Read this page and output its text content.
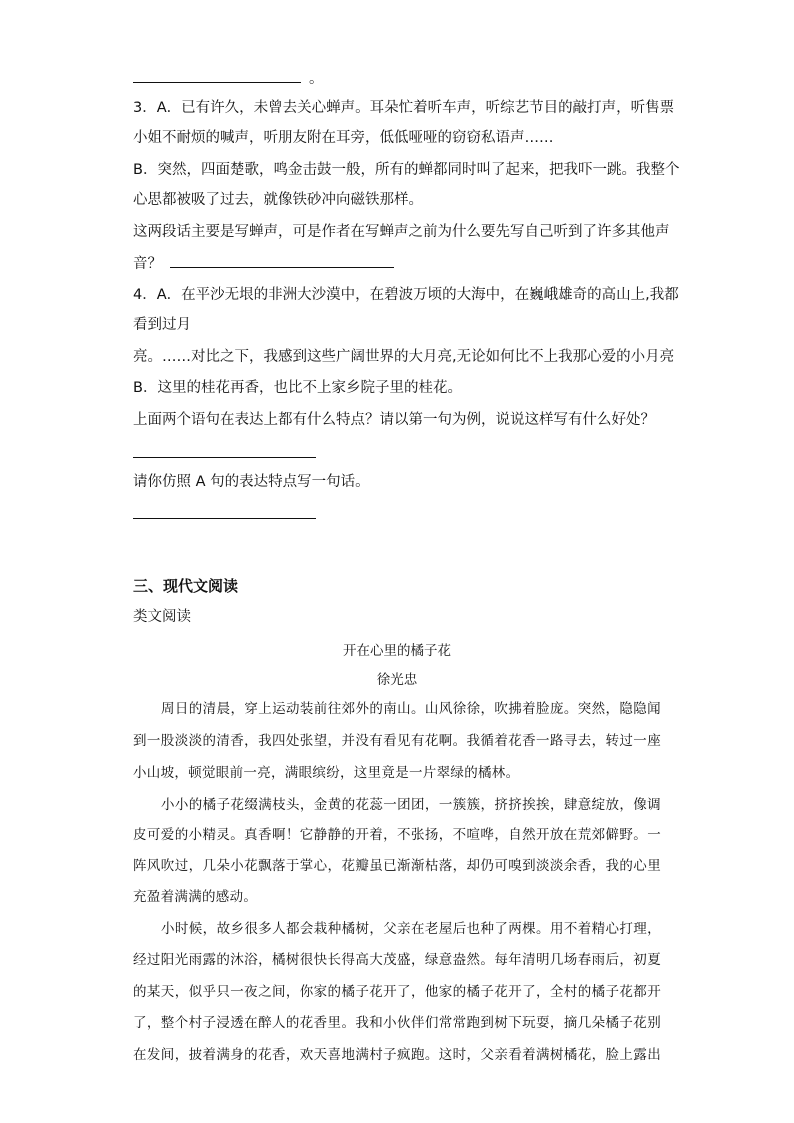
。
3．A．已有许久，未曾去关心蝉声。耳朵忙着听车声，听综艺节目的敲打声，听售票
小姐不耐烦的喊声，听朋友附在耳旁，低低哑哑的窃窃私语声……
B．突然，四面楚歌，鸣金击鼓一般，所有的蝉都同时叫了起来，把我吓一跳。我整个
心思都被吸了过去，就像铁砂冲向磁铁那样。
这两段话主要是写蝉声，可是作者在写蝉声之前为什么要先写自己听到了许多其他声
音？
4．A．在平沙无垠的非洲大沙漠中，在碧波万顷的大海中，在巍峨雄奇的高山上,我都
看到过月
亮。……对比之下，我感到这些广阔世界的大月亮,无论如何比不上我那心爱的小月亮
B．这里的桂花再香，也比不上家乡院子里的桂花。
上面两个语句在表达上都有什么特点？请以第一句为例，说说这样写有什么好处？
请你仿照 A 句的表达特点写一句话。
三、现代文阅读
类文阅读
开在心里的橘子花
徐光忠
周日的清晨，穿上运动装前往郊外的南山。山风徐徐，吹拂着脸庞。突然，隐隐闻
到一股淡淡的清香，我四处张望，并没有看见有花啊。我循着花香一路寻去，转过一座
小山坡，顿觉眼前一亮，满眼缤纷，这里竟是一片翠绿的橘林。
小小的橘子花缀满枝头，金黄的花蕊一团团，一簇簇，挤挤挨挨，肆意绽放，像调
皮可爱的小精灵。真香啊！它静静的开着，不张扬，不喧哗，自然开放在荒郊僻野。一
阵风吹过，几朵小花飘落于掌心，花瓣虽已渐渐枯落，却仍可嗅到淡淡余香，我的心里
充盈着满满的感动。
小时候，故乡很多人都会栽种橘树，父亲在老屋后也种了两棵。用不着精心打理，
经过阳光雨露的沐浴，橘树很快长得高大茂盛，绿意盎然。每年清明几场春雨后，初夏
的某天，似乎只一夜之间，你家的橘子花开了，他家的橘子花开了，全村的橘子花都开
了，整个村子浸透在醉人的花香里。我和小伙伴们常常跑到树下玩耍，摘几朵橘子花别
在发间，披着满身的花香，欢天喜地满村子疯跑。这时，父亲看着满树橘花，脸上露出
